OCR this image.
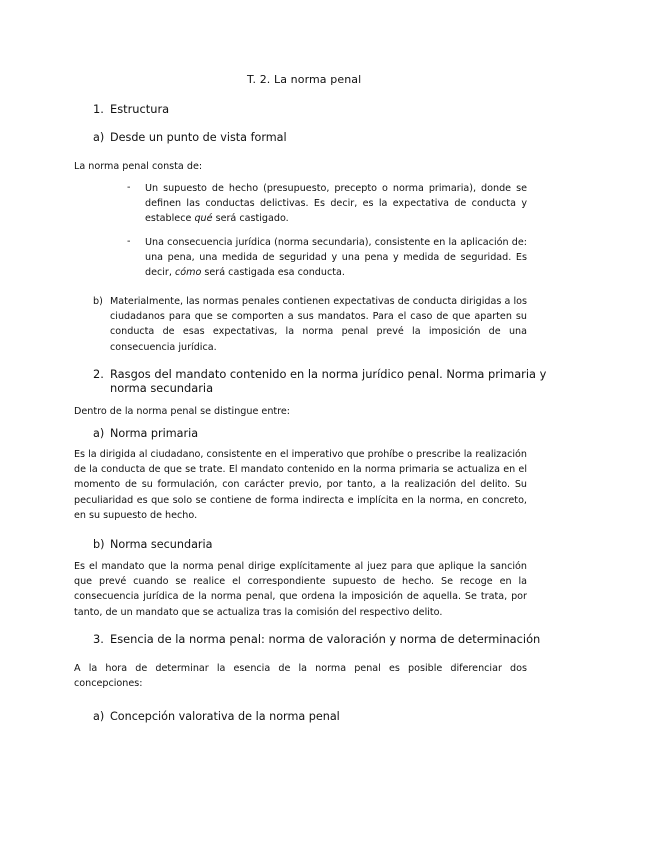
T. 2. La norma penal
1. Estructura
a) Desde un punto de vista formal
La norma penal consta de:
- Un supuesto de hecho (presupuesto, precepto o norma primaria), donde se definen las conductas delictivas. Es decir, es la expectativa de conducta y establece qué será castigado.

- Una consecuencia jurídica (norma secundaria), consistente en la aplicación de: una pena, una medida de seguridad y una pena y medida de seguridad. Es decir, cómo será castigada esa conducta.

b) Materialmente, las normas penales contienen expectativas de conducta dirigidas a los ciudadanos para que se comporten a sus mandatos. Para el caso de que aparten su conducta de esas expectativas, la norma penal prevé la imposición de una consecuencia jurídica.

2. Rasgos del mandato contenido en la norma jurídico penal. Norma primaria y
norma secundaria
Dentro de la norma penal se distingue entre:
a) Norma primaria

Es la dirigida al ciudadano, consistente en el imperativo que prohíbe o prescribe la realización de la conducta de que se trate. El mandato contenido en la norma primaria se actualiza en el momento de su formulación, con carácter previo, por tanto, a la realización del delito. Su peculiaridad es que solo se contiene de forma indirecta e implícita en la norma, en concreto, en su supuesto de hecho.

b) Norma secundaria

Es el mandato que la norma penal dirige explícitamente al juez para que aplique la sanción que prevé cuando se realice el correspondiente supuesto de hecho. Se recoge en la consecuencia jurídica de la norma penal, que ordena la imposición de aquella. Se trata, por tanto, de un mandato que se actualiza tras la comisión del respectivo delito.

3. Esencia de la norma penal: norma de valoración y norma de determinación

A la hora de determinar la esencia de la norma penal es posible diferenciar dos concepciones:

a) Concepción valorativa de la norma penal
